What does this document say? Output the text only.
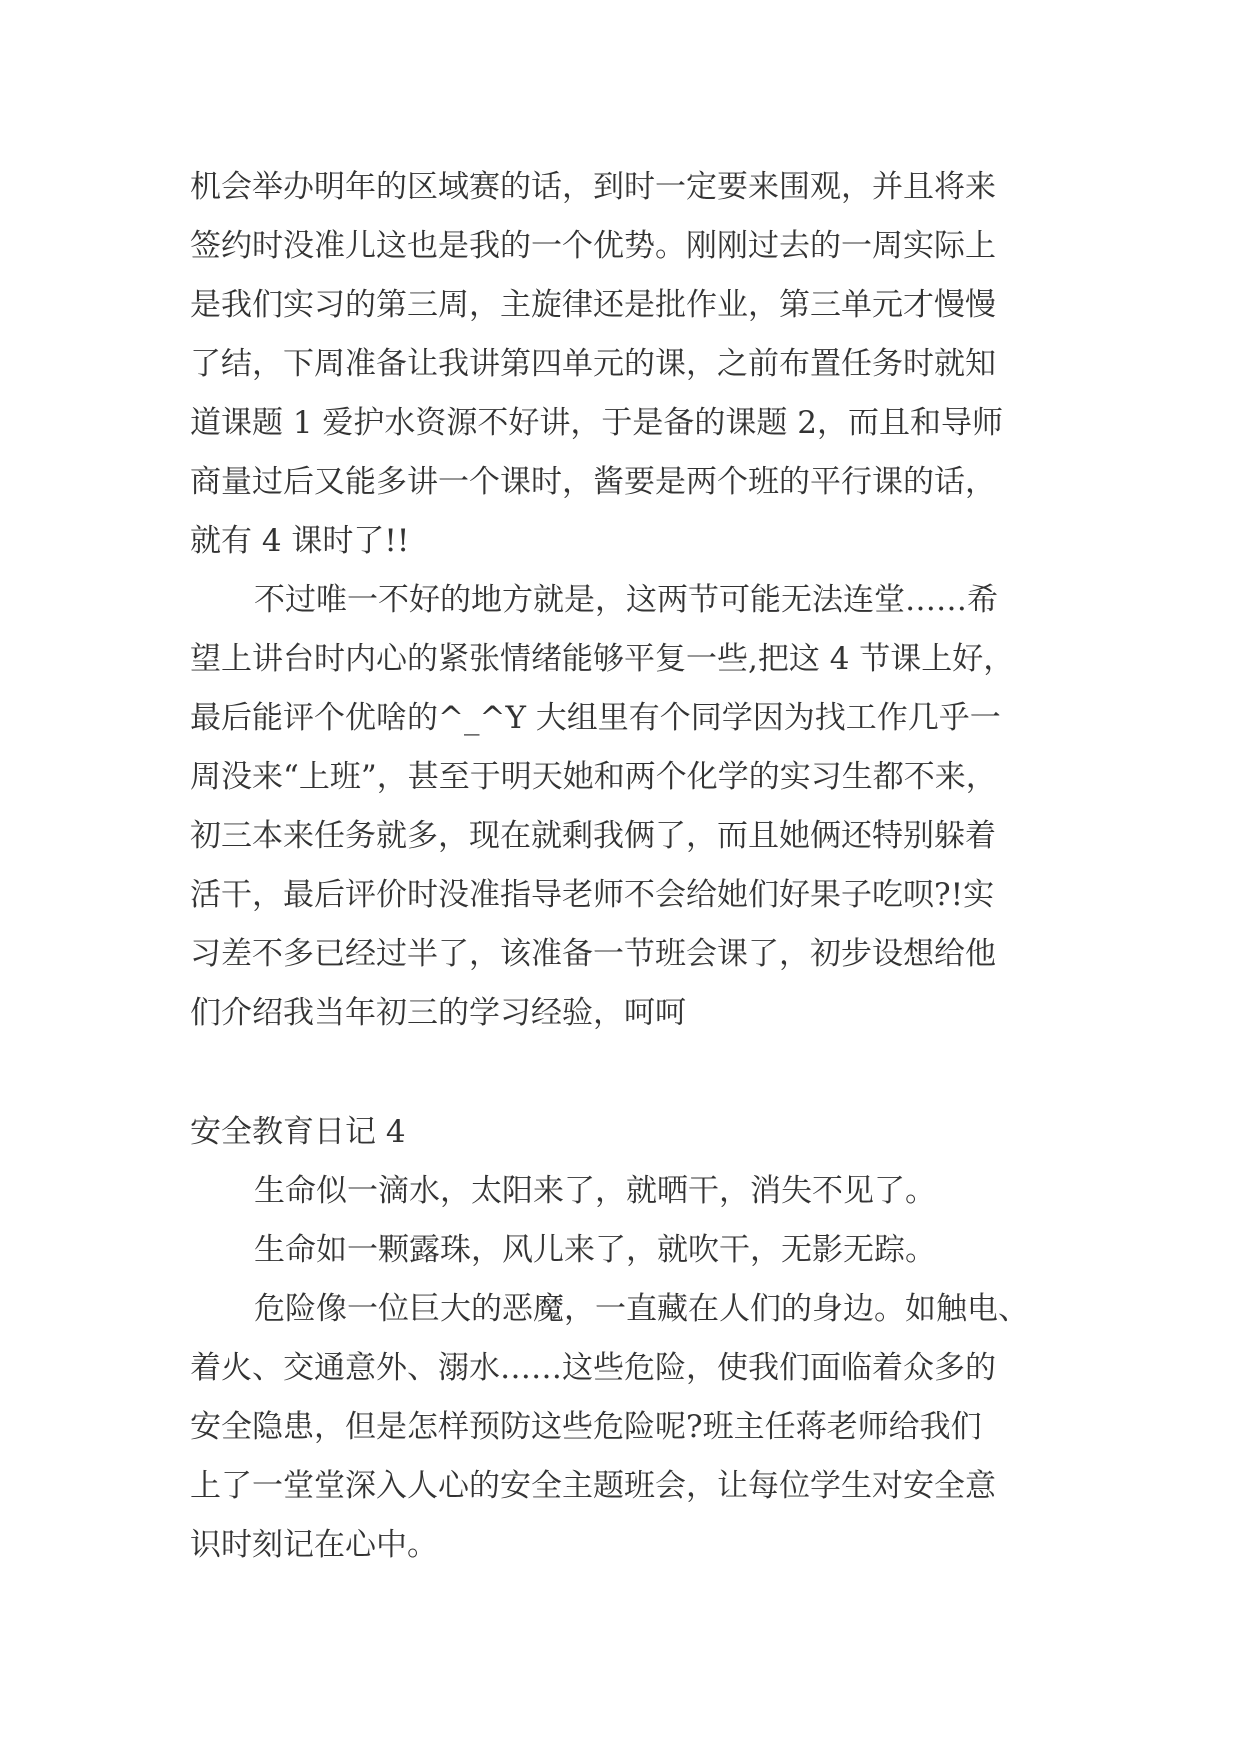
机会举办明年的区域赛的话，到时一定要来围观，并且将来
签约时没准儿这也是我的一个优势。刚刚过去的一周实际上
是我们实习的第三周，主旋律还是批作业，第三单元才慢慢
了结，下周准备让我讲第四单元的课，之前布置任务时就知
道课题 1 爱护水资源不好讲，于是备的课题 2，而且和导师
商量过后又能多讲一个课时，酱要是两个班的平行课的话，
就有 4 课时了!!
不过唯一不好的地方就是，这两节可能无法连堂……希
望上讲台时内心的紧张情绪能够平复一些,把这 4 节课上好，
最后能评个优啥的^_^Y 大组里有个同学因为找工作几乎一
周没来“上班”，甚至于明天她和两个化学的实习生都不来，
初三本来任务就多，现在就剩我俩了，而且她俩还特别躲着
活干，最后评价时没准指导老师不会给她们好果子吃呗?!实
习差不多已经过半了，该准备一节班会课了，初步设想给他
们介绍我当年初三的学习经验，呵呵
安全教育日记 4
生命似一滴水，太阳来了，就晒干，消失不见了。
生命如一颗露珠，风儿来了，就吹干，无影无踪。
危险像一位巨大的恶魔，一直藏在人们的身边。如触电、
着火、交通意外、溺水……这些危险，使我们面临着众多的
安全隐患，但是怎样预防这些危险呢?班主任蒋老师给我们
上了一堂堂深入人心的安全主题班会，让每位学生对安全意
识时刻记在心中。
